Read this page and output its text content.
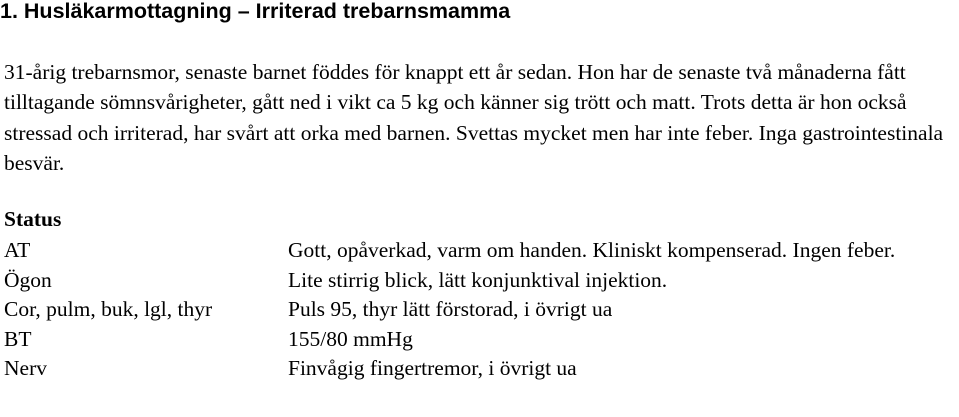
1. Husläkarmottagning – Irriterad trebarnsmamma

31-årig trebarnsmor, senaste barnet föddes för knappt ett år sedan. Hon har de senaste två månaderna fått tilltagande sömnsvårigheter, gått ned i vikt ca 5 kg och känner sig trött och matt. Trots detta är hon också stressad och irriterad, har svårt att orka med barnen. Svettas mycket men har inte feber. Inga gastrointestinala besvär.

Status
AT	Gott, opåverkad, varm om handen. Kliniskt kompenserad. Ingen feber.
Ögon	Lite stirrig blick, lätt konjunktival injektion.
Cor, pulm, buk, lgl, thyr	Puls 95, thyr lätt förstorad, i övrigt ua
BT	155/80 mmHg
Nerv	Finvågig fingertremor, i övrigt ua
